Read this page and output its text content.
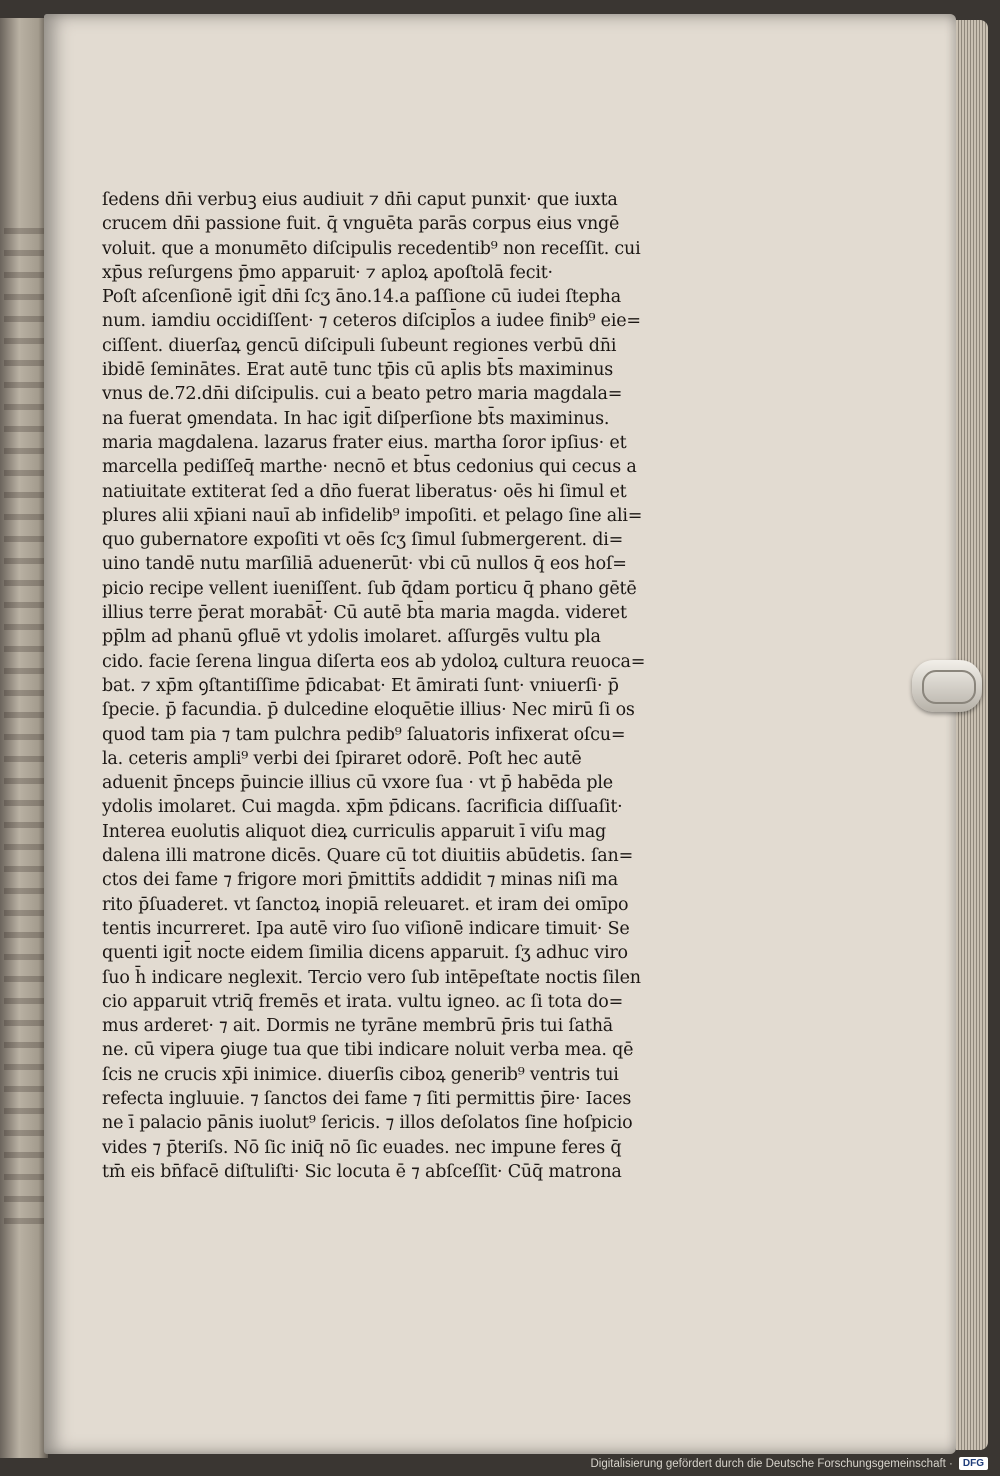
ſedens dn̄i verbuꝫ eius audiuit ⁊ dn̄i caput punxit· que iuxta
crucem dn̄i passione fuit. q̄ vnguēta parās corpus eius vngē
voluit. que a monumēto diſcipulis recedentib⁹ non receſſit. cui
xp̄us reſurgens p̄mo apparuit· ⁊ aploꝝ apoſtolā fecit·
Poſt aſcenſionē igit̄ dn̄i ſcʒ āno.14.a paſſione cū iudei ſtepha
num. iamdiu occidiſſent· ⁊ ceteros diſcipl̄os a iudee finib⁹ eie=
ciſſent. diuerſaꝝ gencū diſcipuli ſubeunt regiones verbū dn̄i
ibidē ſeminātes. Erat autē tunc tp̄is cū aplis bt̄s maximinus
vnus de.72.dn̄i diſcipulis. cui a beato petro maria magdala=
na fuerat ꝯmendata. In hac igit̄ diſperſione bt̄s maximinus.
maria magdalena. lazarus frater eius. martha ſoror ipſius· et
marcella pediſſeq̄ marthe· necnō et bt̄us cedonius qui cecus a
natiuitate extiterat ſed a dn̄o fuerat liberatus· oēs hi ſimul et
plures alii xp̄iani nauī ab infidelib⁹ impoſiti. et pelago ſine ali=
quo gubernatore expoſiti vt oēs ſcʒ ſimul ſubmergerent. di=
uino tandē nutu marſiliā aduenerūt· vbi cū nullos q̄ eos hoſ=
picio recipe vellent iueniſſent. ſub q̄dam porticu q̄ phano gētē
illius terre p̄erat morabāt̄· Cū autē bt̄a maria magda. videret
pp̄lm ad phanū ꝯfluē vt ydolis imolaret. aſſurgēs vultu pla
cido. facie ſerena lingua diſerta eos ab ydoloꝝ cultura reuoca=
bat. ⁊ xp̄m ꝯſtantiſſime p̄dicabat· Et āmirati ſunt· vniuerſi· p̄
ſpecie. p̄ facundia. p̄ dulcedine eloquētie illius· Nec mirū ſi os
quod tam pia ⁊ tam pulchra pedib⁹ ſaluatoris infixerat oſcu=
la. ceteris ampli⁹ verbi dei ſpiraret odorē. Poſt hec autē
aduenit p̄nceps p̄uincie illius cū vxore ſua · vt p̄ habēda ple
ydolis imolaret. Cui magda. xp̄m p̄dicans. ſacrificia diſſuaſit·
Interea euolutis aliquot dieꝝ curriculis apparuit ī viſu mag
dalena illi matrone dicēs. Quare cū tot diuitiis abūdetis. ſan=
ctos dei fame ⁊ frigore mori p̄mittit̄s addidit ⁊ minas niſi ma
rito p̄ſuaderet. vt ſanctoꝝ inopiā releuaret. et iram dei omīpo
tentis incurreret. Ipa autē viro ſuo viſionē indicare timuit· Se
quenti igit̄ nocte eidem ſimilia dicens apparuit. ſʒ adhuc viro
ſuo h̄ indicare neglexit. Tercio vero ſub intēpeſtate noctis ſilen
cio apparuit vtriq̄ fremēs et irata. vultu igneo. ac ſi tota do=
mus arderet· ⁊ ait. Dormis ne tyrāne membrū p̄ris tui ſathā
ne. cū vipera ꝯiuge tua que tibi indicare noluit verba mea. qē
ſcis ne crucis xp̄i inimice. diuerſis ciboꝝ generib⁹ ventris tui
refecta ingluuie. ⁊ ſanctos dei fame ⁊ ſiti permittis p̄ire· Iaces
ne ī palacio pānis iuolut⁹ ſericis. ⁊ illos deſolatos ſine hoſpicio
vides ⁊ p̄teriſs. Nō ſic iniq̄ nō ſic euades. nec impune feres q̄
tm̄ eis bn̄facē diſtuliſti· Sic locuta ē ⁊ abſceſſit· Cūq̄ matrona
Digitalisierung gefördert durch die Deutsche Forschungsgemeinschaft ·	DFG
